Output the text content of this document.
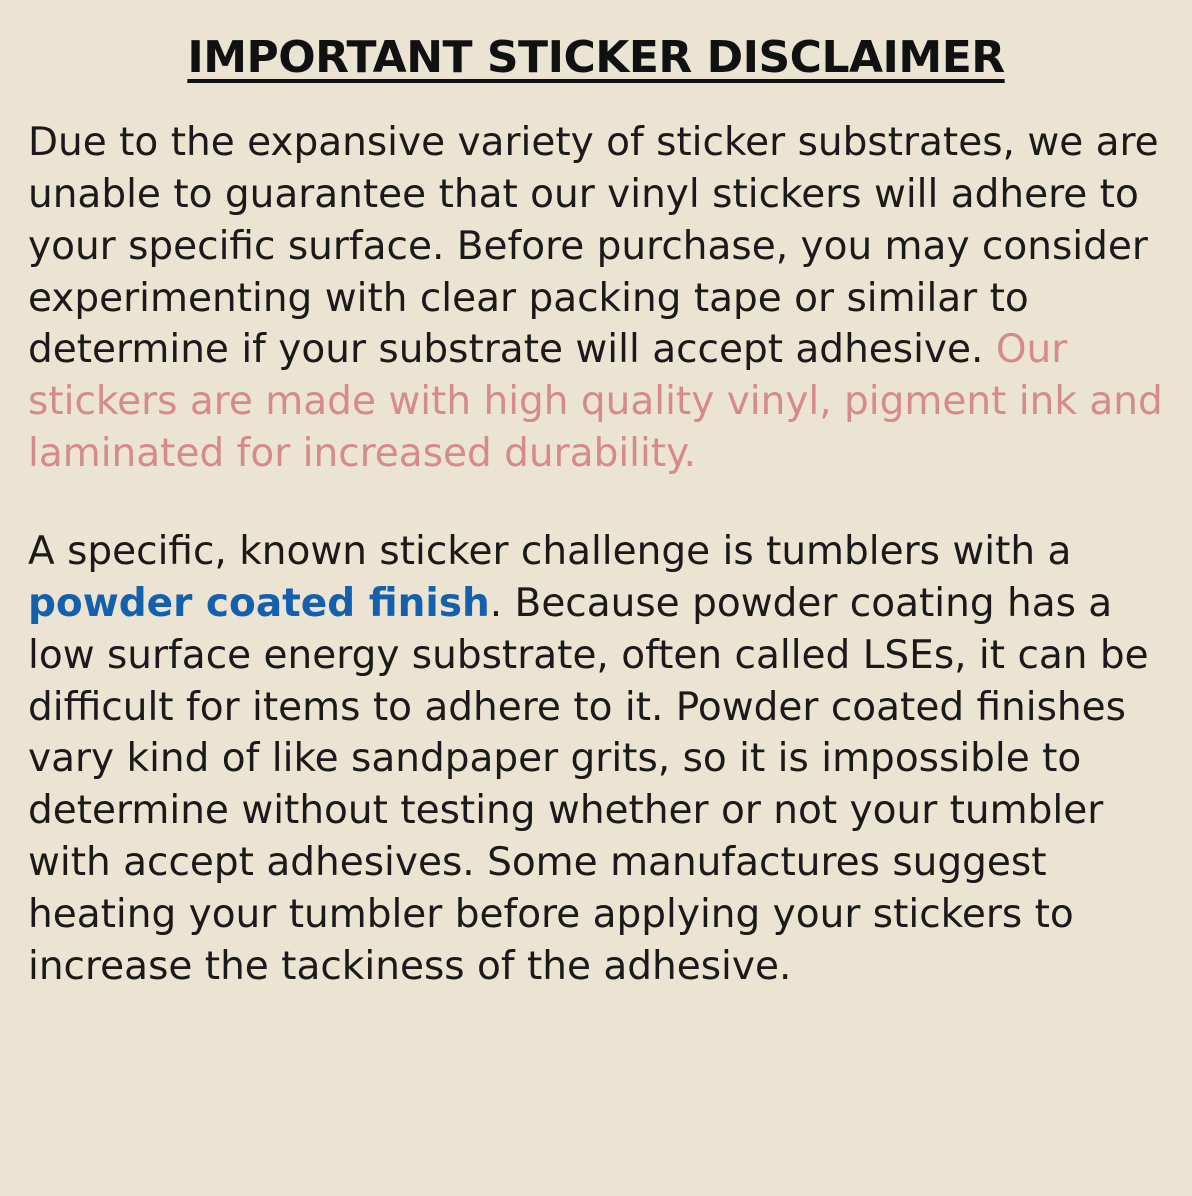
IMPORTANT STICKER DISCLAIMER

Due to the expansive variety of sticker substrates, we are unable to guarantee that our vinyl stickers will adhere to your specific surface. Before purchase, you may consider experimenting with clear packing tape or similar to determine if your substrate will accept adhesive. Our stickers are made with high quality vinyl, pigment ink and laminated for increased durability.

A specific, known sticker challenge is tumblers with a powder coated finish. Because powder coating has a low surface energy substrate, often called LSEs, it can be difficult for items to adhere to it. Powder coated finishes vary kind of like sandpaper grits, so it is impossible to determine without testing whether or not your tumbler with accept adhesives. Some manufactures suggest heating your tumbler before applying your stickers to increase the tackiness of the adhesive.
